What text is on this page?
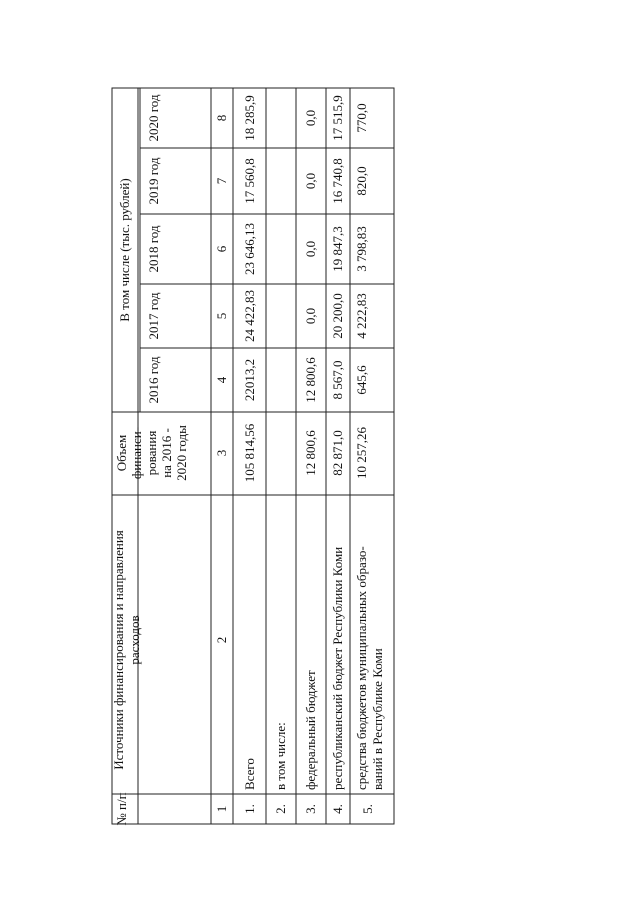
№ п/п
Источники финансирования и направления расходов
Объем финанси- рования на 2016 - 2020 годы
В том числе (тыс. рублей)
2016 год
2017 год
2018 год
2019 год
2020 год
1
2
3
4
5
6
7
8
1.
Всего
105 814,56
22013,2
24 422,83
23 646,13
17 560,8
18 285,9
2.
в том числе:
3.
федеральный бюджет
12 800,6
12 800,6
0,0
0,0
0,0
0,0
4.
республиканский бюджет Республики Коми
82 871,0
8 567,0
20 200,0
19 847,3
16 740,8
17 515,9
5.
средства бюджетов муниципальных образо- ваний в Республике Коми
10 257,26
645,6
4 222,83
3 798,83
820,0
770,0
